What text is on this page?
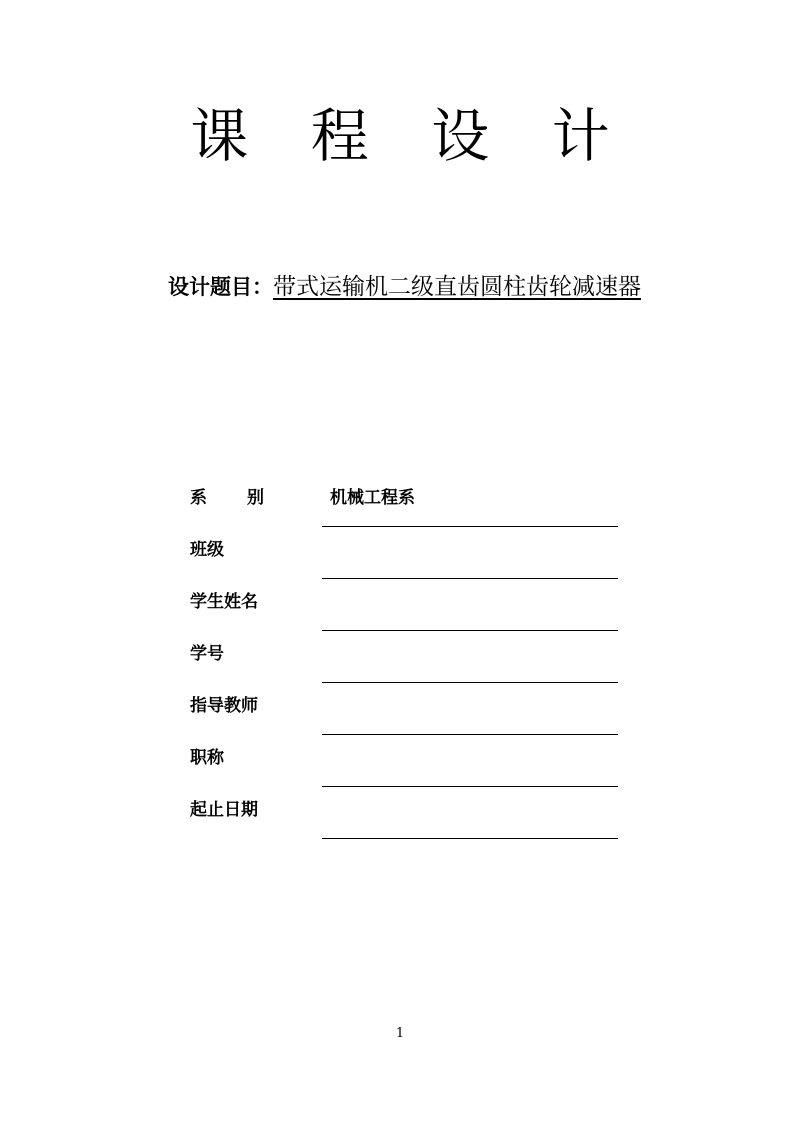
课 程 设 计
设计题目：带式运输机二级直齿圆柱齿轮减速器
系别	机械工程系
班级
学生姓名
学号
指导教师
职称
起止日期
1
